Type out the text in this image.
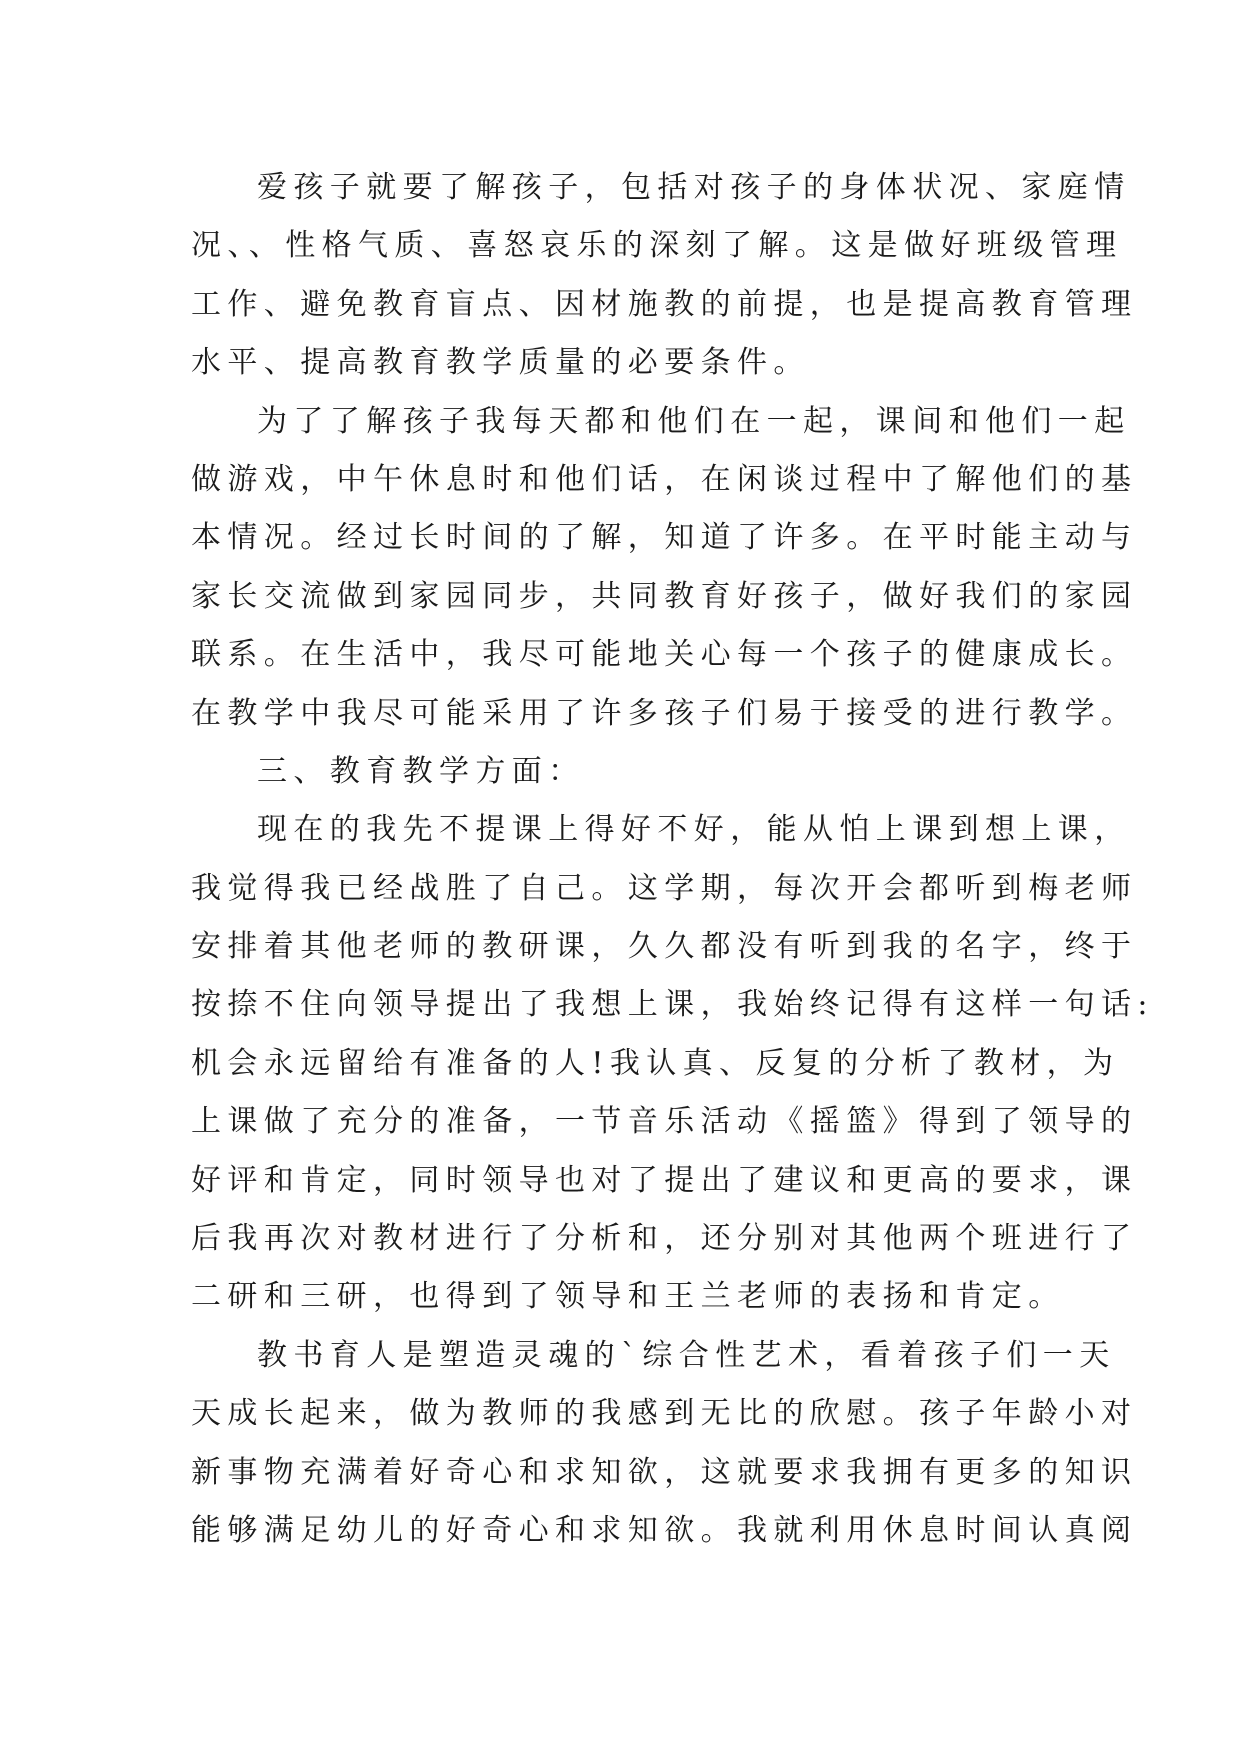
爱孩子就要了解孩子，包括对孩子的身体状况、家庭情
况、、性格气质、喜怒哀乐的深刻了解。这是做好班级管理
工作、避免教育盲点、因材施教的前提，也是提高教育管理
水平、提高教育教学质量的必要条件。
为了了解孩子我每天都和他们在一起，课间和他们一起
做游戏，中午休息时和他们话，在闲谈过程中了解他们的基
本情况。经过长时间的了解，知道了许多。在平时能主动与
家长交流做到家园同步，共同教育好孩子，做好我们的家园
联系。在生活中，我尽可能地关心每一个孩子的健康成长。
在教学中我尽可能采用了许多孩子们易于接受的进行教学。
三、教育教学方面：
现在的我先不提课上得好不好，能从怕上课到想上课，
我觉得我已经战胜了自己。这学期，每次开会都听到梅老师
安排着其他老师的教研课，久久都没有听到我的名字，终于
按捺不住向领导提出了我想上课，我始终记得有这样一句话:
机会永远留给有准备的人!我认真、反复的分析了教材，为
上课做了充分的准备，一节音乐活动《摇篮》得到了领导的
好评和肯定，同时领导也对了提出了建议和更高的要求，课
后我再次对教材进行了分析和，还分别对其他两个班进行了
二研和三研，也得到了领导和王兰老师的表扬和肯定。
教书育人是塑造灵魂的`综合性艺术，看着孩子们一天
天成长起来，做为教师的我感到无比的欣慰。孩子年龄小对
新事物充满着好奇心和求知欲，这就要求我拥有更多的知识
能够满足幼儿的好奇心和求知欲。我就利用休息时间认真阅
